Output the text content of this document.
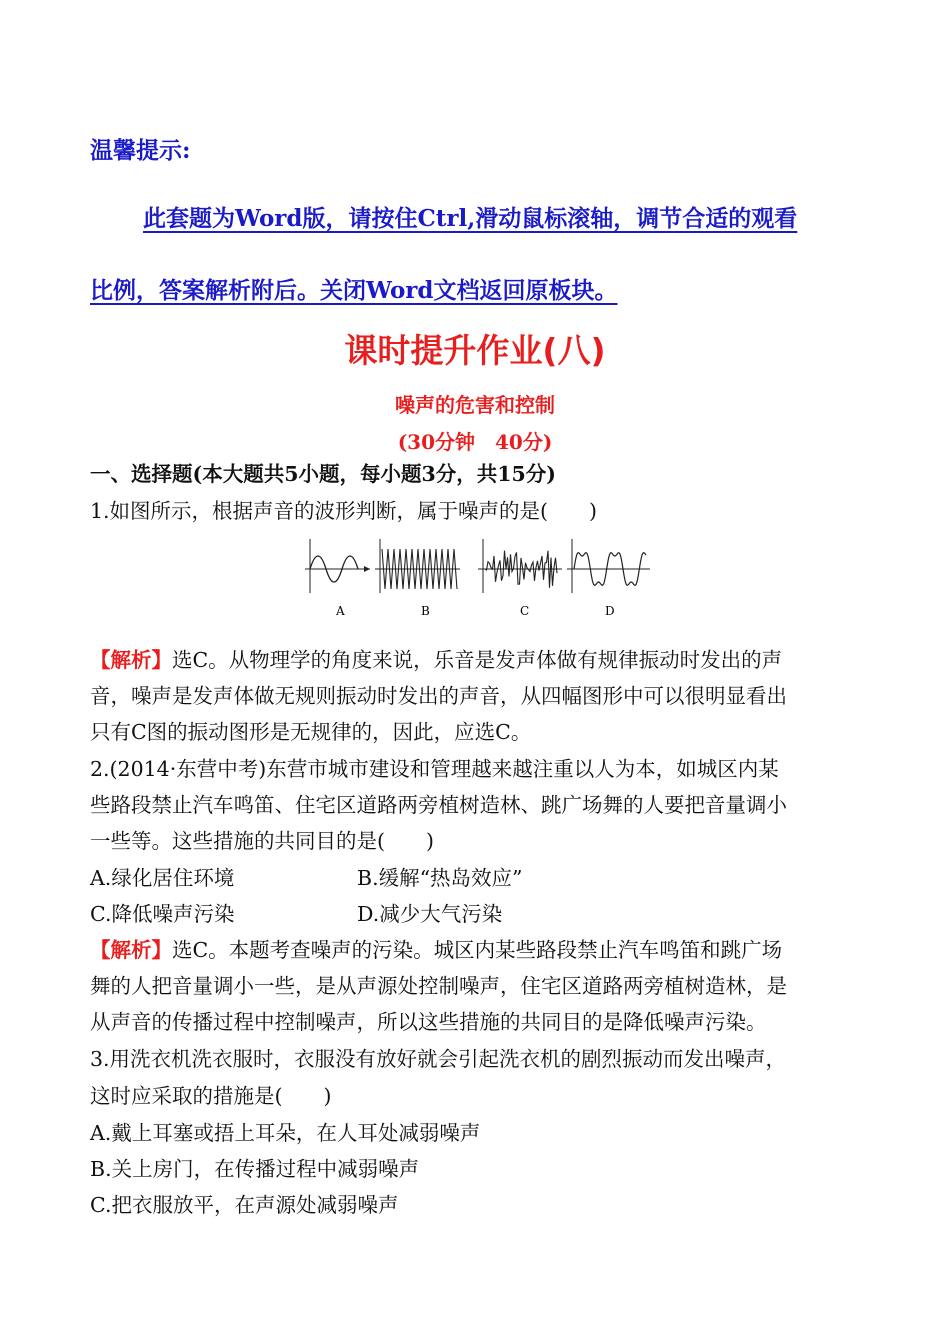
温馨提示:
此套题为Word版，请按住Ctrl,滑动鼠标滚轴，调节合适的观看
比例，答案解析附后。关闭Word文档返回原板块。
课时提升作业(八)
噪声的危害和控制
(30分钟　40分)
一、选择题(本大题共5小题，每小题3分，共15分)
1.如图所示，根据声音的波形判断，属于噪声的是(　　)
A	B	C	D
【解析】选C。从物理学的角度来说，乐音是发声体做有规律振动时发出的声
音，噪声是发声体做无规则振动时发出的声音，从四幅图形中可以很明显看出
只有C图的振动图形是无规律的，因此，应选C。
2.(2014·东营中考)东营市城市建设和管理越来越注重以人为本，如城区内某
些路段禁止汽车鸣笛、住宅区道路两旁植树造林、跳广场舞的人要把音量调小
一些等。这些措施的共同目的是(　　)
A.绿化居住环境	B.缓解“热岛效应”
C.降低噪声污染	D.减少大气污染
【解析】选C。本题考查噪声的污染。城区内某些路段禁止汽车鸣笛和跳广场
舞的人把音量调小一些，是从声源处控制噪声，住宅区道路两旁植树造林，是
从声音的传播过程中控制噪声，所以这些措施的共同目的是降低噪声污染。
3.用洗衣机洗衣服时，衣服没有放好就会引起洗衣机的剧烈振动而发出噪声，
这时应采取的措施是(　　)
A.戴上耳塞或捂上耳朵，在人耳处减弱噪声
B.关上房门，在传播过程中减弱噪声
C.把衣服放平，在声源处减弱噪声
